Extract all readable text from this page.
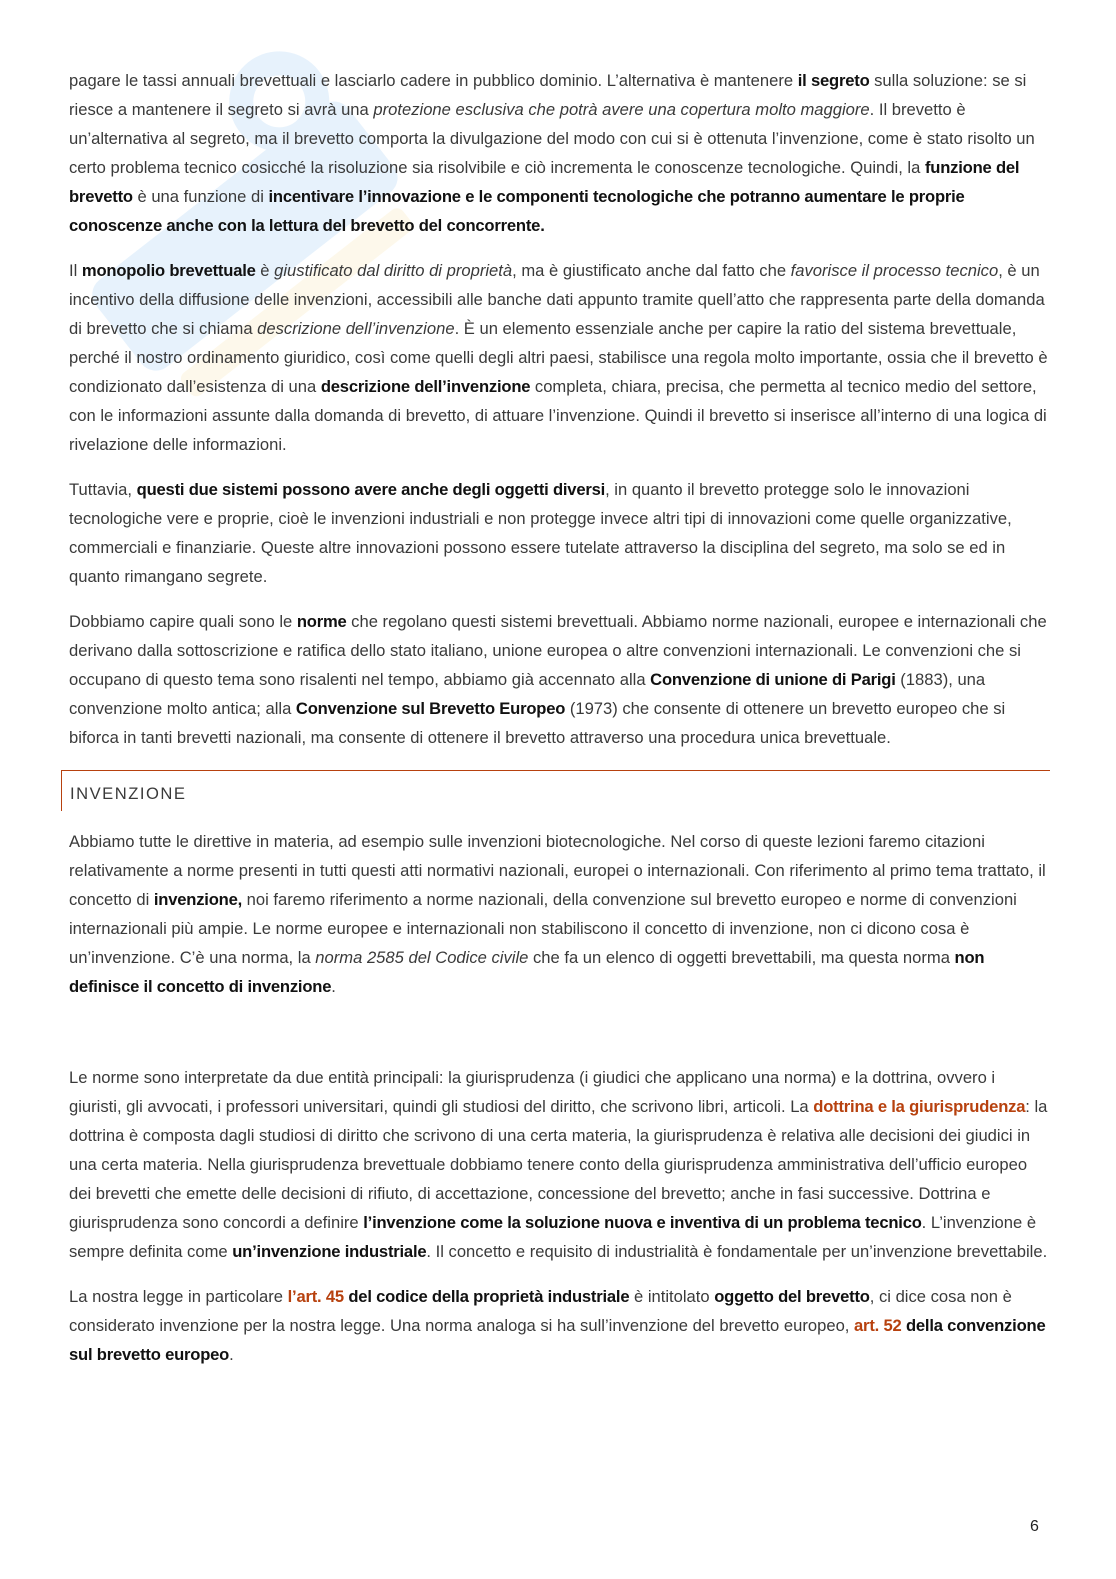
pagare le tassi annuali brevettuali e lasciarlo cadere in pubblico dominio. L’alternativa è mantenere il segreto sulla soluzione: se si riesce a mantenere il segreto si avrà una protezione esclusiva che potrà avere una copertura molto maggiore. Il brevetto è un’alternativa al segreto, ma il brevetto comporta la divulgazione del modo con cui si è ottenuta l’invenzione, come è stato risolto un certo problema tecnico cosicché la risoluzione sia risolvibile e ciò incrementa le conoscenze tecnologiche. Quindi, la funzione del brevetto è una funzione di incentivare l’innovazione e le componenti tecnologiche che potranno aumentare le proprie conoscenze anche con la lettura del brevetto del concorrente.

Il monopolio brevettuale è giustificato dal diritto di proprietà, ma è giustificato anche dal fatto che favorisce il processo tecnico, è un incentivo della diffusione delle invenzioni, accessibili alle banche dati appunto tramite quell’atto che rappresenta parte della domanda di brevetto che si chiama descrizione dell’invenzione. È un elemento essenziale anche per capire la ratio del sistema brevettuale, perché il nostro ordinamento giuridico, così come quelli degli altri paesi, stabilisce una regola molto importante, ossia che il brevetto è condizionato dall’esistenza di una descrizione dell’invenzione completa, chiara, precisa, che permetta al tecnico medio del settore, con le informazioni assunte dalla domanda di brevetto, di attuare l’invenzione. Quindi il brevetto si inserisce all’interno di una logica di rivelazione delle informazioni.

Tuttavia, questi due sistemi possono avere anche degli oggetti diversi, in quanto il brevetto protegge solo le innovazioni tecnologiche vere e proprie, cioè le invenzioni industriali e non protegge invece altri tipi di innovazioni come quelle organizzative, commerciali e finanziarie. Queste altre innovazioni possono essere tutelate attraverso la disciplina del segreto, ma solo se ed in quanto rimangano segrete.

Dobbiamo capire quali sono le norme che regolano questi sistemi brevettuali. Abbiamo norme nazionali, europee e internazionali che derivano dalla sottoscrizione e ratifica dello stato italiano, unione europea o altre convenzioni internazionali. Le convenzioni che si occupano di questo tema sono risalenti nel tempo, abbiamo già accennato alla Convenzione di unione di Parigi (1883), una convenzione molto antica; alla Convenzione sul Brevetto Europeo (1973) che consente di ottenere un brevetto europeo che si biforca in tanti brevetti nazionali, ma consente di ottenere il brevetto attraverso una procedura unica brevettuale.

INVENZIONE

Abbiamo tutte le direttive in materia, ad esempio sulle invenzioni biotecnologiche. Nel corso di queste lezioni faremo citazioni relativamente a norme presenti in tutti questi atti normativi nazionali, europei o internazionali. Con riferimento al primo tema trattato, il concetto di invenzione, noi faremo riferimento a norme nazionali, della convenzione sul brevetto europeo e norme di convenzioni internazionali più ampie. Le norme europee e internazionali non stabiliscono il concetto di invenzione, non ci dicono cosa è un’invenzione. C’è una norma, la norma 2585 del Codice civile che fa un elenco di oggetti brevettabili, ma questa norma non definisce il concetto di invenzione.

Le norme sono interpretate da due entità principali: la giurisprudenza (i giudici che applicano una norma) e la dottrina, ovvero i giuristi, gli avvocati, i professori universitari, quindi gli studiosi del diritto, che scrivono libri, articoli. La dottrina e la giurisprudenza: la dottrina è composta dagli studiosi di diritto che scrivono di una certa materia, la giurisprudenza è relativa alle decisioni dei giudici in una certa materia. Nella giurisprudenza brevettuale dobbiamo tenere conto della giurisprudenza amministrativa dell’ufficio europeo dei brevetti che emette delle decisioni di rifiuto, di accettazione, concessione del brevetto; anche in fasi successive. Dottrina e giurisprudenza sono concordi a definire l’invenzione come la soluzione nuova e inventiva di un problema tecnico. L’invenzione è sempre definita come un’invenzione industriale. Il concetto e requisito di industrialità è fondamentale per un’invenzione brevettabile.

La nostra legge in particolare l’art. 45 del codice della proprietà industriale è intitolato oggetto del brevetto, ci dice cosa non è considerato invenzione per la nostra legge. Una norma analoga si ha sull’invenzione del brevetto europeo, art. 52 della convenzione sul brevetto europeo.

6
